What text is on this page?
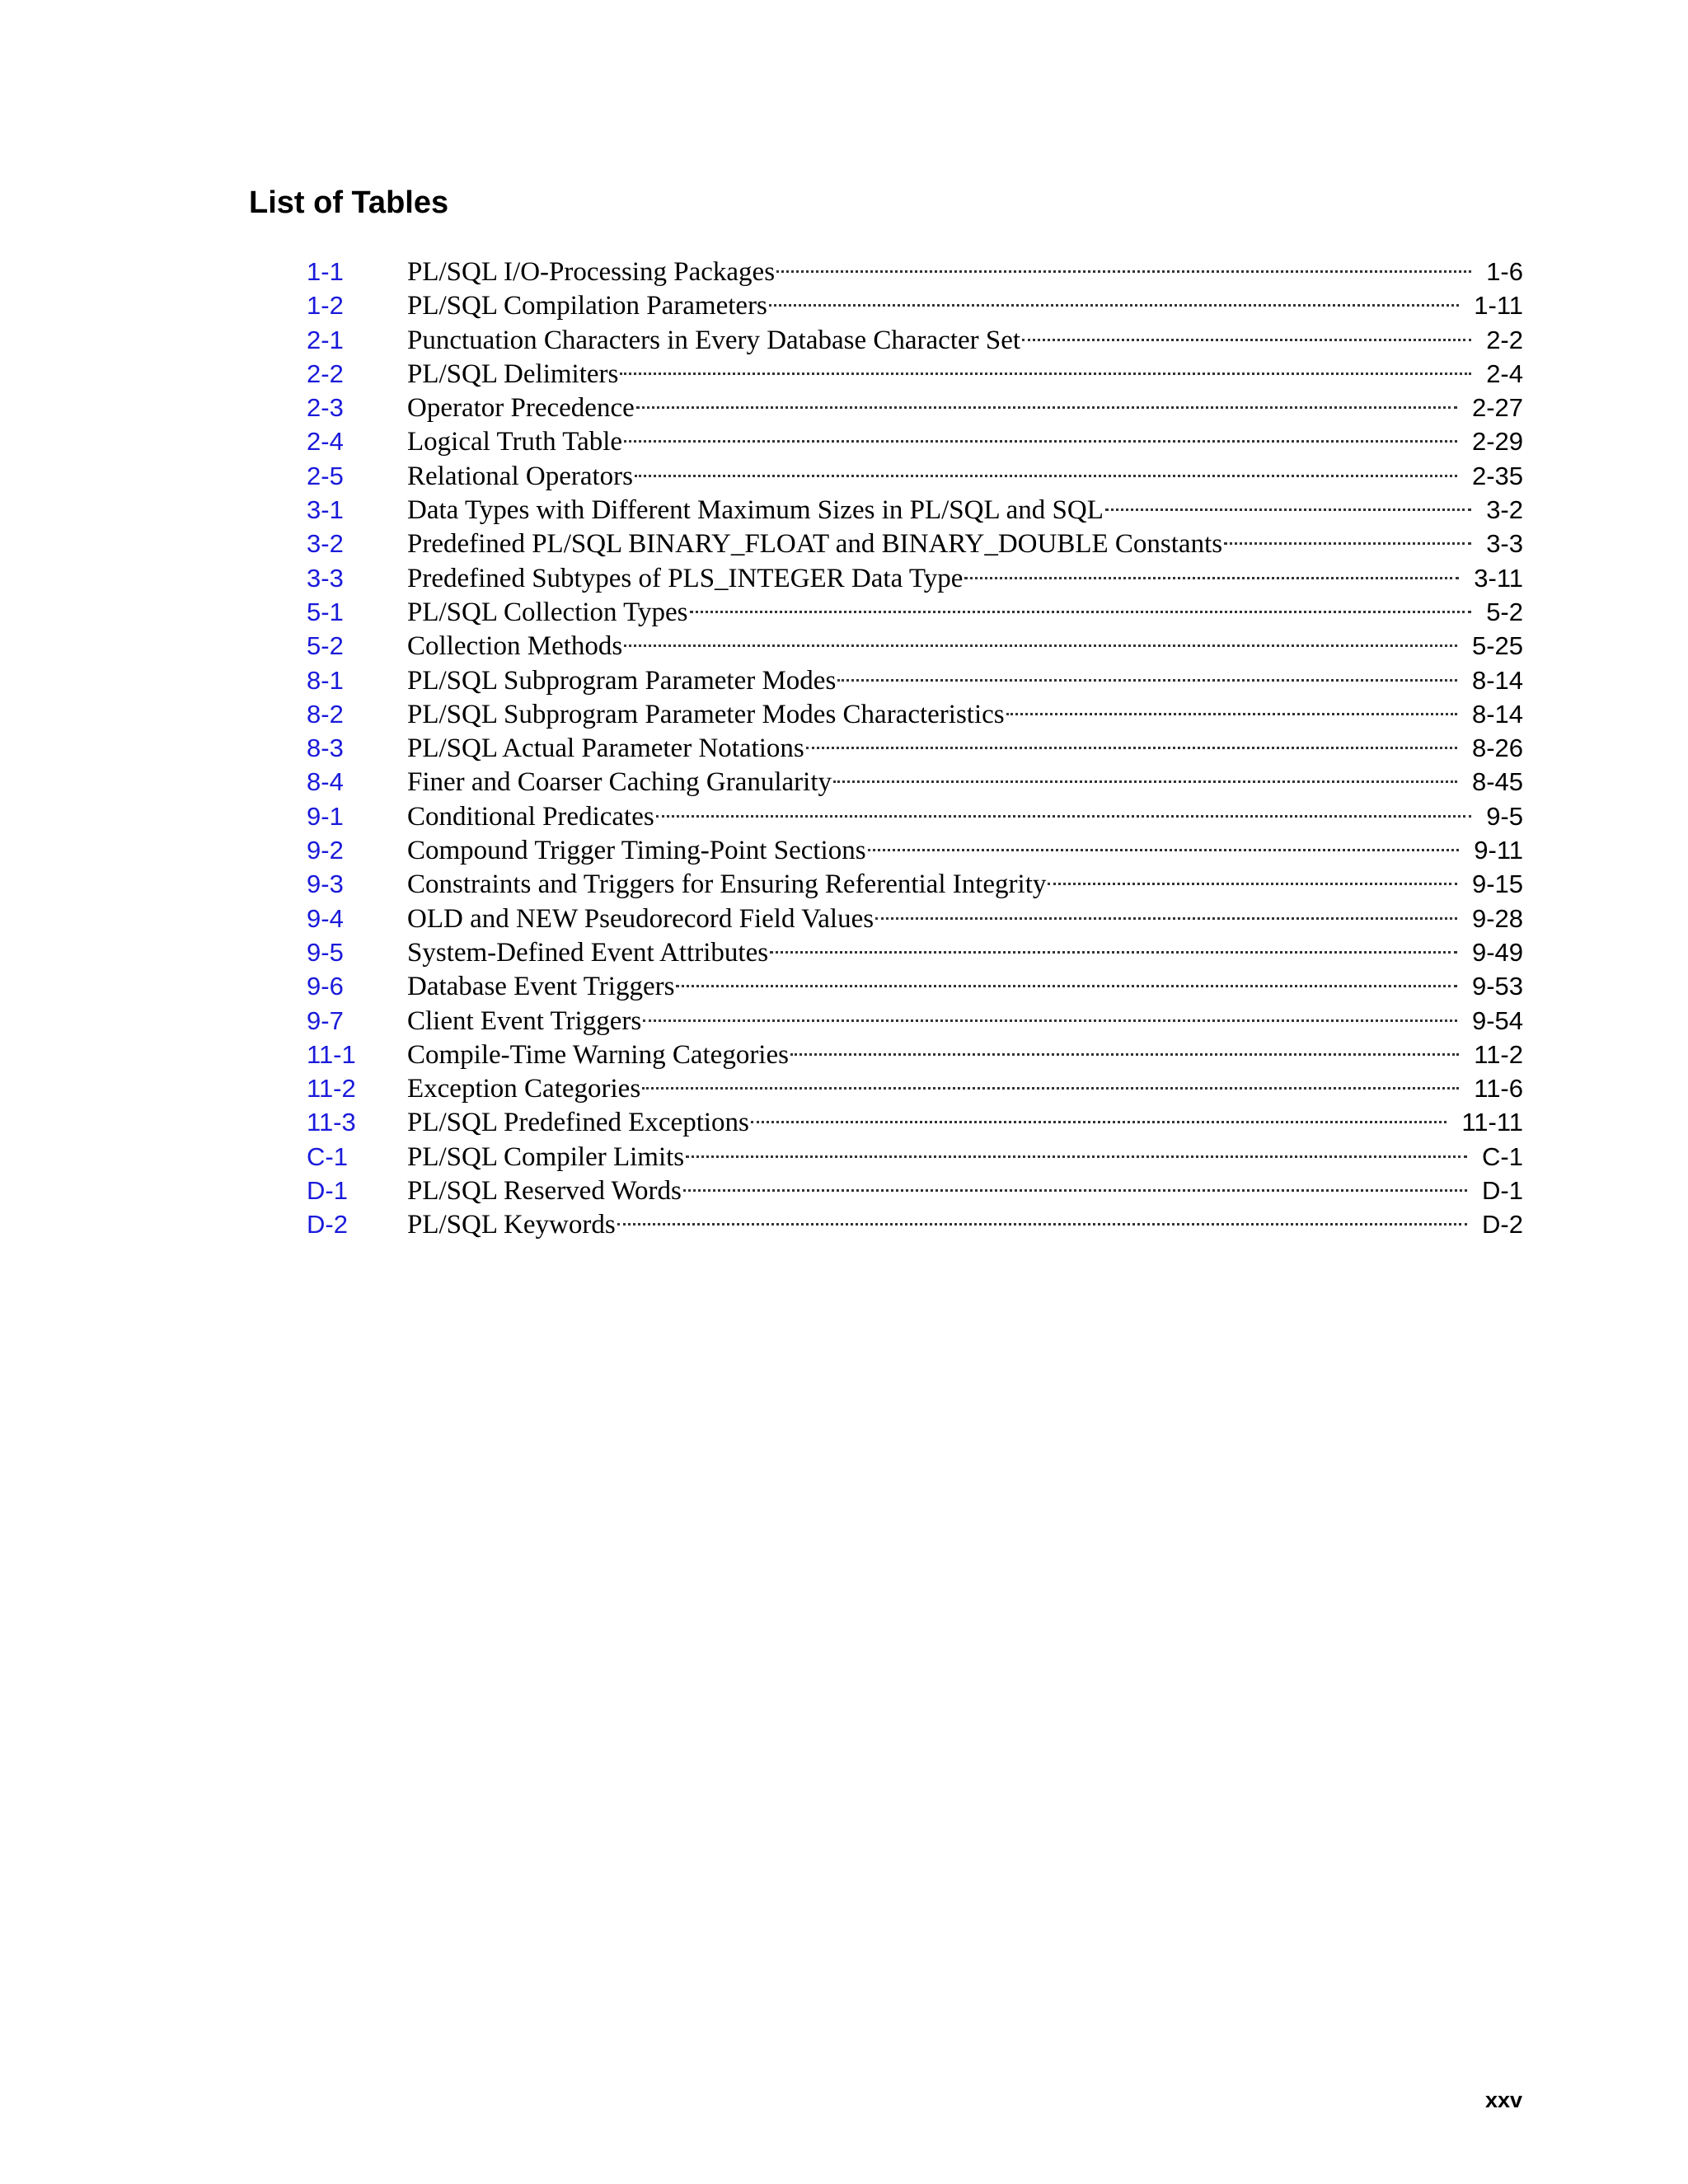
List of Tables
1-1 PL/SQL I/O-Processing Packages	1-6
1-2 PL/SQL Compilation Parameters	1-11
2-1 Punctuation Characters in Every Database Character Set	2-2
2-2 PL/SQL Delimiters	2-4
2-3 Operator Precedence	2-27
2-4 Logical Truth Table	2-29
2-5 Relational Operators	2-35
3-1 Data Types with Different Maximum Sizes in PL/SQL and SQL	3-2
3-2 Predefined PL/SQL BINARY_FLOAT and BINARY_DOUBLE Constants	3-3
3-3 Predefined Subtypes of PLS_INTEGER Data Type	3-11
5-1 PL/SQL Collection Types	5-2
5-2 Collection Methods	5-25
8-1 PL/SQL Subprogram Parameter Modes	8-14
8-2 PL/SQL Subprogram Parameter Modes Characteristics	8-14
8-3 PL/SQL Actual Parameter Notations	8-26
8-4 Finer and Coarser Caching Granularity	8-45
9-1 Conditional Predicates	9-5
9-2 Compound Trigger Timing-Point Sections	9-11
9-3 Constraints and Triggers for Ensuring Referential Integrity	9-15
9-4 OLD and NEW Pseudorecord Field Values	9-28
9-5 System-Defined Event Attributes	9-49
9-6 Database Event Triggers	9-53
9-7 Client Event Triggers	9-54
11-1 Compile-Time Warning Categories	11-2
11-2 Exception Categories	11-6
11-3 PL/SQL Predefined Exceptions	11-11
C-1 PL/SQL Compiler Limits	C-1
D-1 PL/SQL Reserved Words	D-1
D-2 PL/SQL Keywords	D-2
xxv
